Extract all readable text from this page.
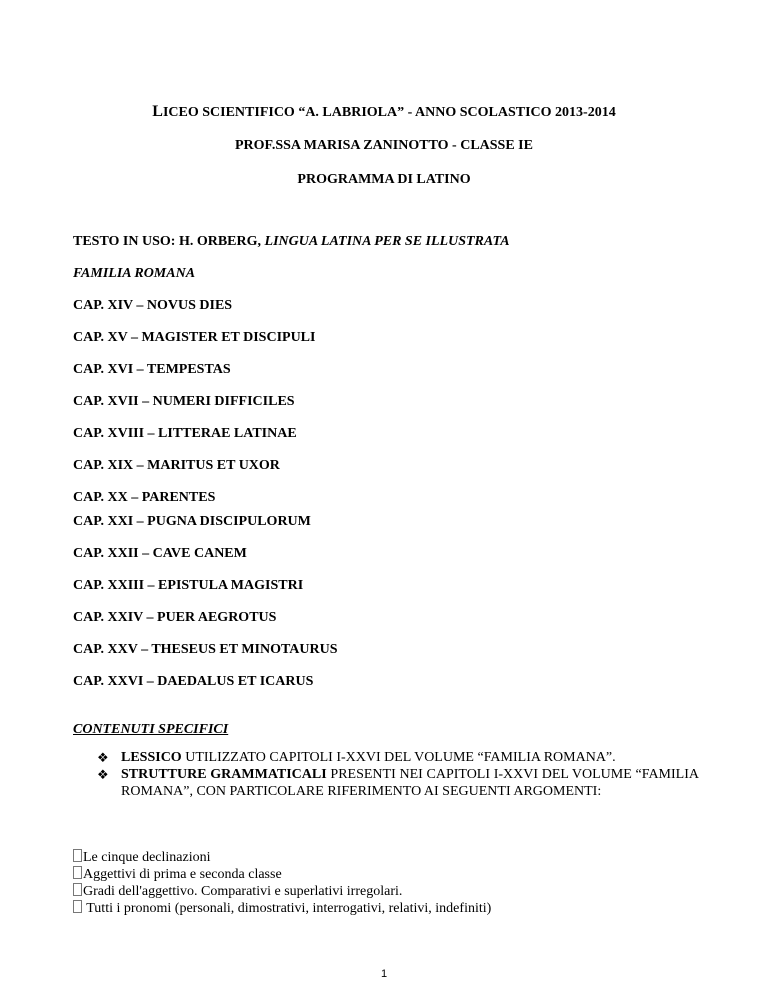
LICEO SCIENTIFICO “A. LABRIOLA” - ANNO SCOLASTICO 2013-2014
PROF.SSA MARISA ZANINOTTO - CLASSE IE
PROGRAMMA DI LATINO
TESTO IN USO: H. ORBERG, LINGUA LATINA PER SE ILLUSTRATA
FAMILIA ROMANA
CAP. XIV – NOVUS DIES
CAP. XV – MAGISTER ET DISCIPULI
CAP. XVI – TEMPESTAS
CAP. XVII – NUMERI DIFFICILES
CAP. XVIII – LITTERAE LATINAE
CAP. XIX – MARITUS ET UXOR
CAP. XX – PARENTES
CAP. XXI – PUGNA DISCIPULORUM
CAP. XXII – CAVE CANEM
CAP. XXIII – EPISTULA MAGISTRI
CAP. XXIV – PUER AEGROTUS
CAP. XXV – THESEUS ET MINOTAURUS
CAP. XXVI – DAEDALUS ET ICARUS
CONTENUTI SPECIFICI
❖ LESSICO UTILIZZATO CAPITOLI I-XXVI DEL VOLUME “FAMILIA ROMANA”.
❖ STRUTTURE GRAMMATICALI PRESENTI NEI CAPITOLI I-XXVI DEL VOLUME “FAMILIA ROMANA”, CON PARTICOLARE RIFERIMENTO AI SEGUENTI ARGOMENTI:
Le cinque declinazioni
Aggettivi di prima e seconda classe
Gradi dell'aggettivo. Comparativi e superlativi irregolari.
Tutti i pronomi (personali, dimostrativi, interrogativi, relativi, indefiniti)
1
